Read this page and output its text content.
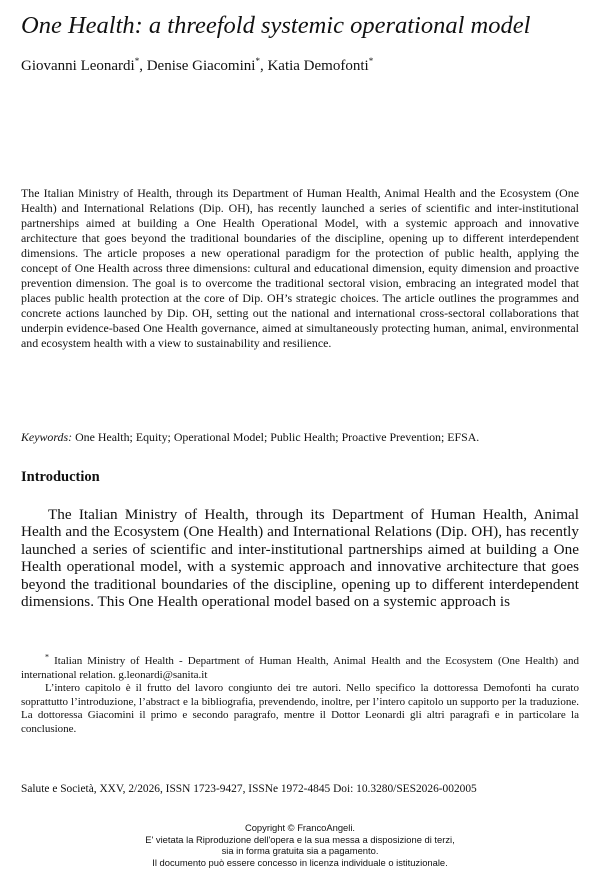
One Health: a threefold systemic operational model
Giovanni Leonardi*, Denise Giacomini*, Katia Demofonti*

The Italian Ministry of Health, through its Department of Human Health, Animal Health and the Ecosystem (One Health) and International Relations (Dip. OH), has recently launched a series of scientific and inter-institutional partnerships aimed at building a One Health Operational Model, with a systemic approach and innovative architecture that goes beyond the traditional boundaries of the discipline, opening up to different interdependent dimensions. The article proposes a new operational paradigm for the protection of public health, applying the concept of One Health across three dimensions: cultural and educational dimension, equity dimension and proactive prevention dimension. The goal is to overcome the traditional sectoral vision, embracing an integrated model that places public health protection at the core of Dip. OH’s strategic choices. The article outlines the programmes and concrete actions launched by Dip. OH, setting out the national and international cross-sectoral collaborations that underpin evidence-based One Health governance, aimed at simultaneously protecting human, animal, environmental and ecosystem health with a view to sustainability and resilience.

Keywords: One Health; Equity; Operational Model; Public Health; Proactive Prevention; EFSA.

Introduction

The Italian Ministry of Health, through its Department of Human Health, Animal Health and the Ecosystem (One Health) and International Relations (Dip. OH), has recently launched a series of scientific and inter-institutional partnerships aimed at building a One Health operational model, with a systemic approach and innovative architecture that goes beyond the traditional boundaries of the discipline, opening up to different interdependent dimensions. This One Health operational model based on a systemic approach is

* Italian Ministry of Health - Department of Human Health, Animal Health and the Ecosystem (One Health) and international relation. g.leonardi@sanita.it
L’intero capitolo è il frutto del lavoro congiunto dei tre autori. Nello specifico la dottoressa Demofonti ha curato soprattutto l’introduzione, l’abstract e la bibliografia, prevendendo, inoltre, per l’intero capitolo un supporto per la traduzione. La dottoressa Giacomini il primo e secondo paragrafo, mentre il Dottor Leonardi gli altri paragrafi e in particolare la conclusione.
Salute e Società, XXV, 2/2026, ISSN 1723-9427, ISSNe 1972-4845 Doi: 10.3280/SES2026-002005
Copyright © FrancoAngeli.
E' vietata la Riproduzione dell'opera e la sua messa a disposizione di terzi,
sia in forma gratuita sia a pagamento.
Il documento può essere concesso in licenza individuale o istituzionale.
